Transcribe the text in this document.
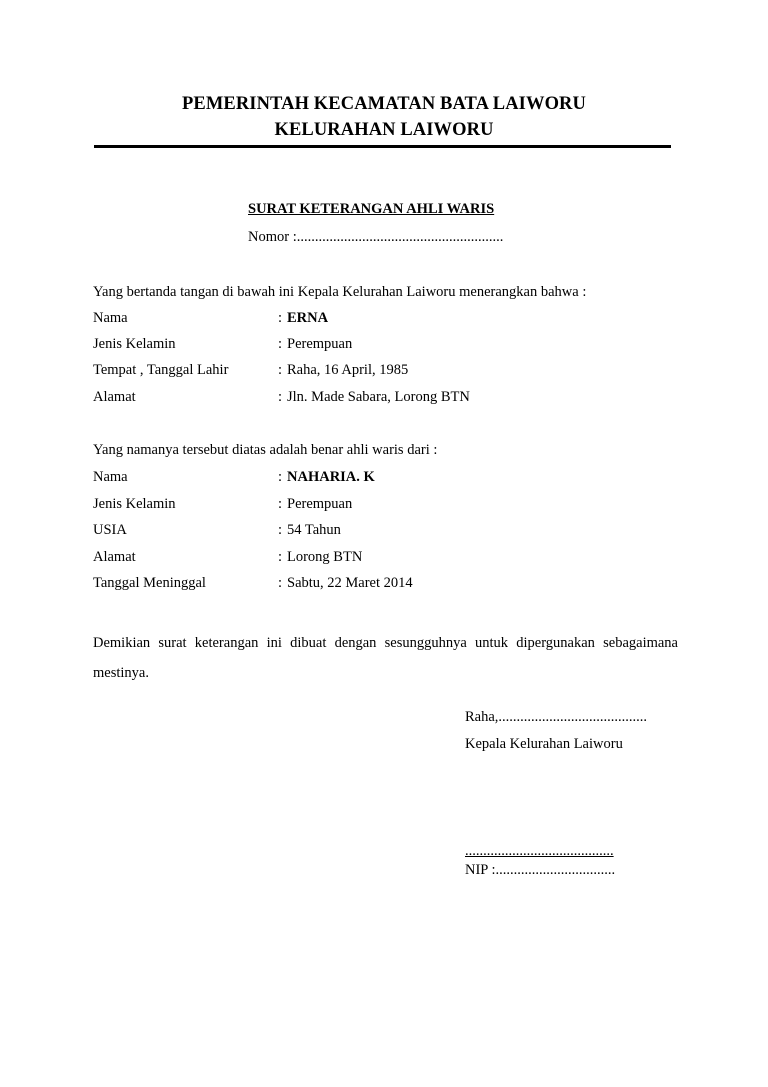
PEMERINTAH KECAMATAN BATA LAIWORU
KELURAHAN LAIWORU
SURAT KETERANGAN AHLI WARIS
Nomor :.........................................................
Yang bertanda tangan di bawah ini Kepala Kelurahan Laiworu menerangkan bahwa :
Nama	: ERNA
Jenis Kelamin	: Perempuan
Tempat , Tanggal Lahir	: Raha, 16 April, 1985
Alamat	: Jln. Made Sabara, Lorong BTN
Yang namanya tersebut diatas adalah benar ahli waris dari :
Nama	: NAHARIA. K
Jenis Kelamin	: Perempuan
USIA	: 54 Tahun
Alamat	: Lorong BTN
Tanggal Meninggal	: Sabtu, 22 Maret 2014
Demikian surat keterangan ini dibuat dengan sesungguhnya untuk dipergunakan sebagaimana mestinya.
Raha,.........................................
Kepala Kelurahan Laiworu
.........................................
NIP :.................................
